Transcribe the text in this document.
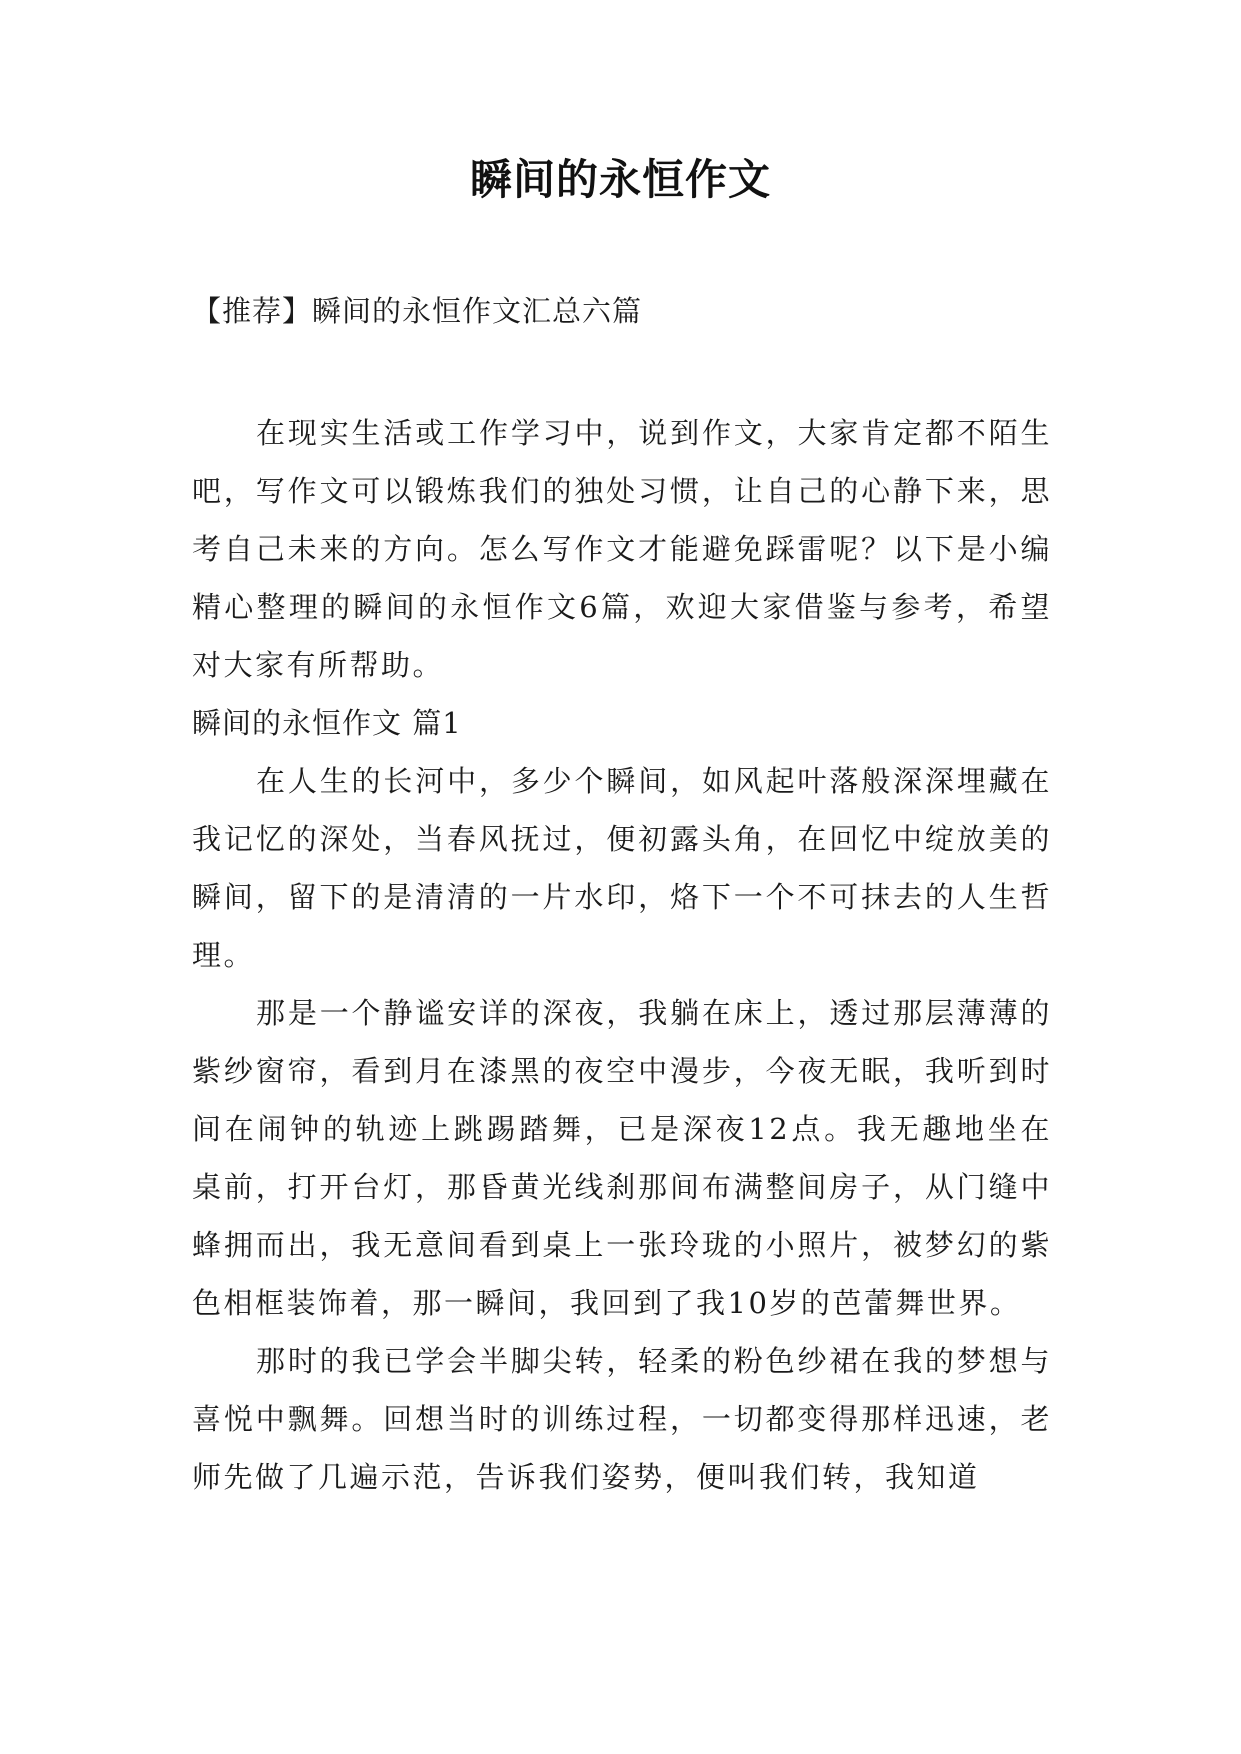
瞬间的永恒作文
【推荐】瞬间的永恒作文汇总六篇

在现实生活或工作学习中，说到作文，大家肯定都不陌生吧，写作文可以锻炼我们的独处习惯，让自己的心静下来，思考自己未来的方向。怎么写作文才能避免踩雷呢？以下是小编精心整理的瞬间的永恒作文6篇，欢迎大家借鉴与参考，希望对大家有所帮助。

瞬间的永恒作文 篇1

在人生的长河中，多少个瞬间，如风起叶落般深深埋藏在我记忆的深处，当春风抚过，便初露头角，在回忆中绽放美的瞬间，留下的是清清的一片水印，烙下一个不可抹去的人生哲理。

那是一个静谧安详的深夜，我躺在床上，透过那层薄薄的紫纱窗帘，看到月在漆黑的夜空中漫步，今夜无眠，我听到时间在闹钟的轨迹上跳踢踏舞，已是深夜12点。我无趣地坐在桌前，打开台灯，那昏黄光线刹那间布满整间房子，从门缝中蜂拥而出，我无意间看到桌上一张玲珑的小照片，被梦幻的紫色相框装饰着，那一瞬间，我回到了我10岁的芭蕾舞世界。

那时的我已学会半脚尖转，轻柔的粉色纱裙在我的梦想与喜悦中飘舞。回想当时的训练过程，一切都变得那样迅速，老师先做了几遍示范，告诉我们姿势，便叫我们转，我知道
